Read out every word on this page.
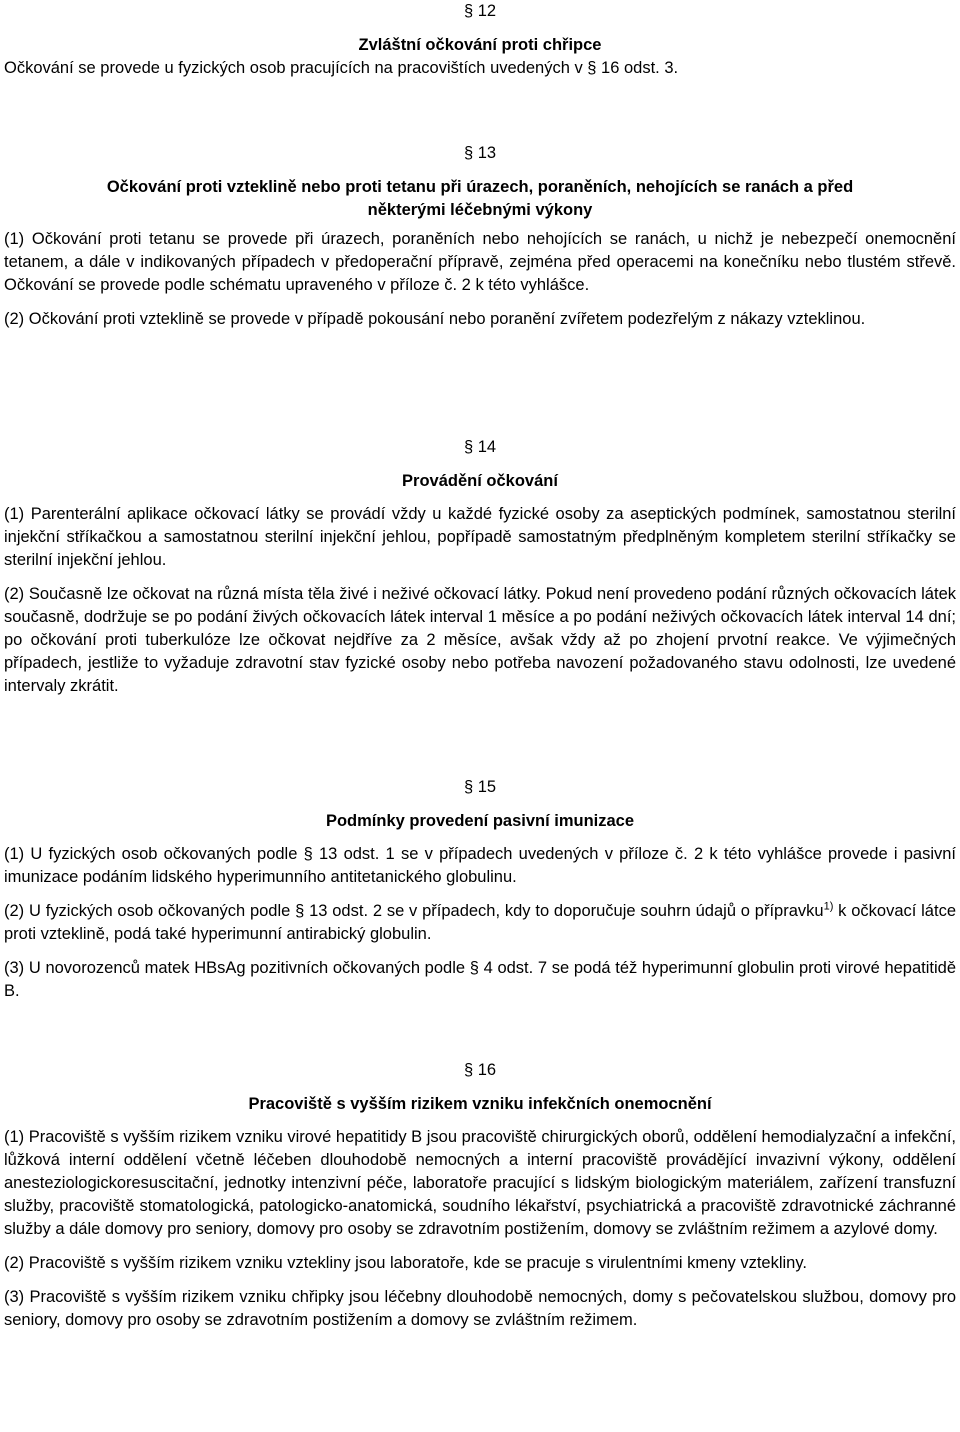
§ 12
Zvláštní očkování proti chřipce

Očkování se provede u fyzických osob pracujících na pracovištích uvedených v § 16 odst. 3.

§ 13
Očkování proti vzteklině nebo proti tetanu při úrazech, poraněních, nehojících se ranách a před
některými léčebnými výkony

(1) Očkování proti tetanu se provede při úrazech, poraněních nebo nehojících se ranách, u nichž je nebezpečí onemocnění tetanem, a dále v indikovaných případech v předoperační přípravě, zejména před operacemi na konečníku nebo tlustém střevě. Očkování se provede podle schématu upraveného v příloze č. 2 k této vyhlášce.

(2) Očkování proti vzteklině se provede v případě pokousání nebo poranění zvířetem podezřelým z nákazy vzteklinou.

§ 14
Provádění očkování

(1) Parenterální aplikace očkovací látky se provádí vždy u každé fyzické osoby za aseptických podmínek, samostatnou sterilní injekční stříkačkou a samostatnou sterilní injekční jehlou, popřípadě samostatným předplněným kompletem sterilní stříkačky se sterilní injekční jehlou.

(2) Současně lze očkovat na různá místa těla živé i neživé očkovací látky. Pokud není provedeno podání různých očkovacích látek současně, dodržuje se po podání živých očkovacích látek interval 1 měsíce a po podání neživých očkovacích látek interval 14 dní; po očkování proti tuberkulóze lze očkovat nejdříve za 2 měsíce, avšak vždy až po zhojení prvotní reakce. Ve výjimečných případech, jestliže to vyžaduje zdravotní stav fyzické osoby nebo potřeba navození požadovaného stavu odolnosti, lze uvedené intervaly zkrátit.

§ 15
Podmínky provedení pasivní imunizace

(1) U fyzických osob očkovaných podle § 13 odst. 1 se v případech uvedených v příloze č. 2 k této vyhlášce provede i pasivní imunizace podáním lidského hyperimunního antitetanického globulinu.

(2) U fyzických osob očkovaných podle § 13 odst. 2 se v případech, kdy to doporučuje souhrn údajů o přípravku$^{1)}$ k očkovací látce proti vzteklině, podá také hyperimunní antirabický globulin.

(3) U novorozenců matek HBsAg pozitivních očkovaných podle § 4 odst. 7 se podá též hyperimunní globulin proti virové hepatitidě B.

§ 16
Pracoviště s vyšším rizikem vzniku infekčních onemocnění

(1) Pracoviště s vyšším rizikem vzniku virové hepatitidy B jsou pracoviště chirurgických oborů, oddělení hemodialyzační a infekční, lůžková interní oddělení včetně léčeben dlouhodobě nemocných a interní pracoviště provádějící invazivní výkony, oddělení anesteziologickoresuscitační, jednotky intenzivní péče, laboratoře pracující s lidským biologickým materiálem, zařízení transfuzní služby, pracoviště stomatologická, patologicko-anatomická, soudního lékařství, psychiatrická a pracoviště zdravotnické záchranné služby a dále domovy pro seniory, domovy pro osoby se zdravotním postižením, domovy se zvláštním režimem a azylové domy.

(2) Pracoviště s vyšším rizikem vzniku vztekliny jsou laboratoře, kde se pracuje s virulentními kmeny vztekliny.

(3) Pracoviště s vyšším rizikem vzniku chřipky jsou léčebny dlouhodobě nemocných, domy s pečovatelskou službou, domovy pro seniory, domovy pro osoby se zdravotním postižením a domovy se zvláštním režimem.
